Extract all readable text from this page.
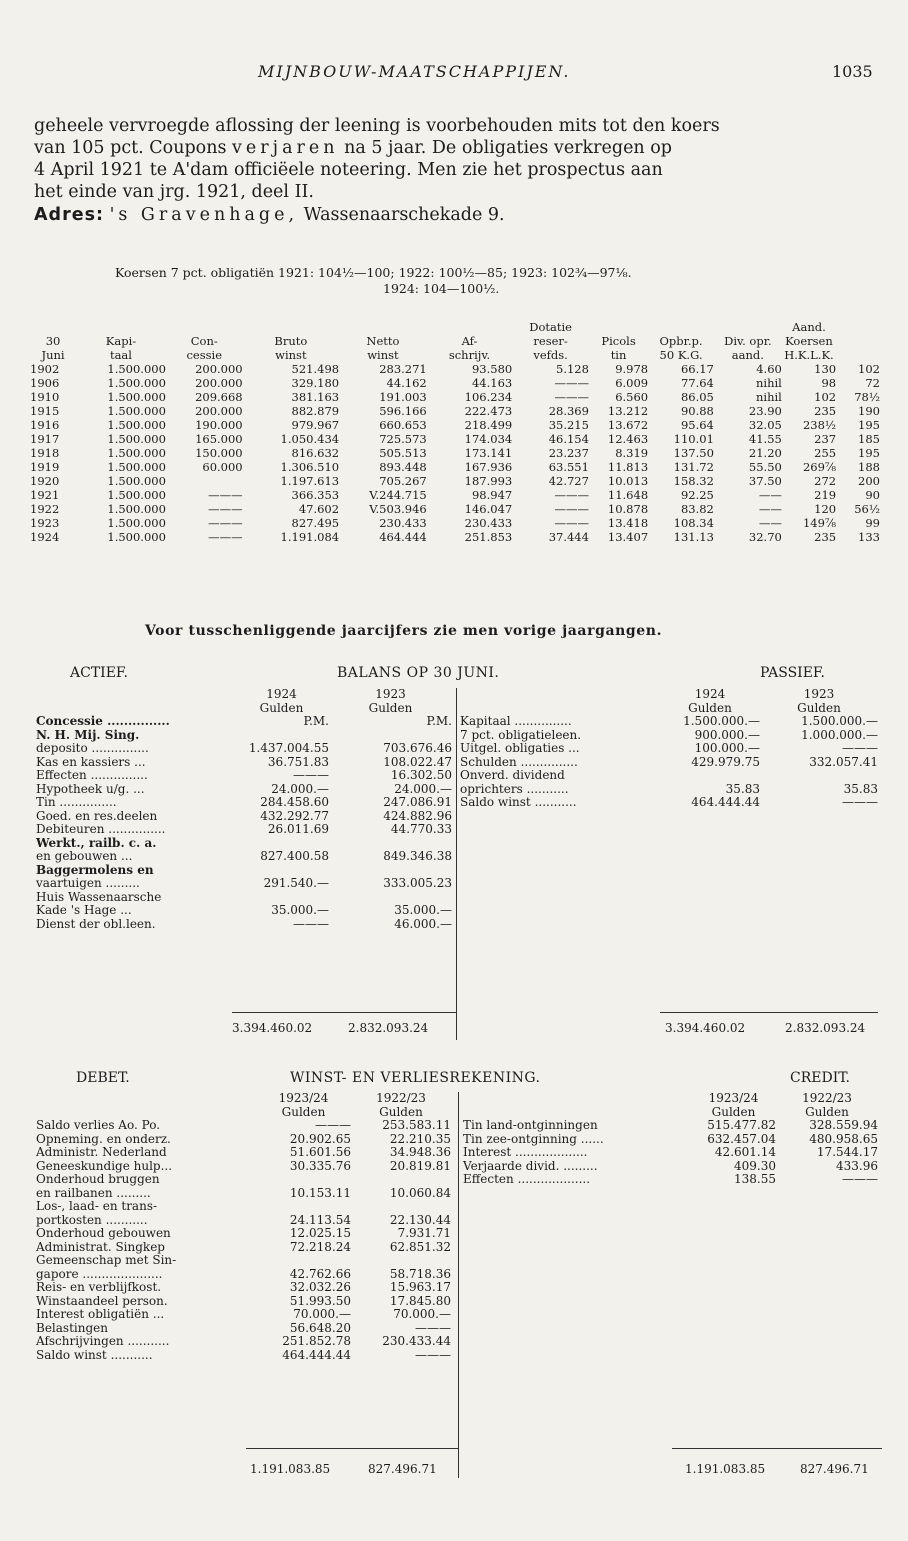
MIJNBOUW-MAATSCHAPPIJEN.	1035
geheele vervroegde aflossing der leening is voorbehouden mits tot den koers
van 105 pct. Coupons verjaren na 5 jaar. De obligaties verkregen op
4 April 1921 te A'dam officiëele noteering. Men zie het prospectus aan
het einde van jrg. 1921, deel II.
Adres: 's Gravenhage, Wassenaarschekade 9.
Koersen 7 pct. obligatiën 1921: 104½—100; 1922: 100½—85; 1923: 102¾—97⅛.
1924: 104—100½.
						Dotatie				Aand.	
30	Kapi-	Con-	Bruto	Netto	Af-	reser-	Picols	Opbr.p.	Div. opr.	Koersen	
Juni	taal	cessie	winst	winst	schrijv.	vefds.	tin	50 K.G.	aand.	H.K.L.K.	
1902	1.500.000	200.000	521.498	283.271	93.580	5.128	9.978	66.17	4.60	130	102
1906	1.500.000	200.000	329.180	44.162	44.163	———	6.009	77.64	nihil	98	72
1910	1.500.000	209.668	381.163	191.003	106.234	———	6.560	86.05	nihil	102	78½
1915	1.500.000	200.000	882.879	596.166	222.473	28.369	13.212	90.88	23.90	235	190
1916	1.500.000	190.000	979.967	660.653	218.499	35.215	13.672	95.64	32.05	238½	195
1917	1.500.000	165.000	1.050.434	725.573	174.034	46.154	12.463	110.01	41.55	237	185
1918	1.500.000	150.000	816.632	505.513	173.141	23.237	8.319	137.50	21.20	255	195
1919	1.500.000	60.000	1.306.510	893.448	167.936	63.551	11.813	131.72	55.50	269⅞	188
1920	1.500.000		1.197.613	705.267	187.993	42.727	10.013	158.32	37.50	272	200
1921	1.500.000	———	366.353	V.244.715	98.947	———	11.648	92.25	——	219	90
1922	1.500.000	———	47.602	V.503.946	146.047	———	10.878	83.82	——	120	56½
1923	1.500.000	———	827.495	230.433	230.433	———	13.418	108.34	——	149⅞	99
1924	1.500.000	———	1.191.084	464.444	251.853	37.444	13.407	131.13	32.70	235	133
Voor tusschenliggende jaarcijfers zie men vorige jaargangen.
ACTIEF.	BALANS OP 30 JUNI.	PASSIEF.
	1924	1923
	Gulden	Gulden
Concessie ...............	P.M.	P.M.
N. H. Mij. Sing.		
deposito ...............	1.437.004.55	703.676.46
Kas en kassiers ...	36.751.83	108.022.47
Effecten ...............	———	16.302.50
Hypotheek u/g. ...	24.000.—	24.000.—
Tin ...............	284.458.60	247.086.91
Goed. en res.deelen	432.292.77	424.882.96
Debiteuren ...............	26.011.69	44.770.33
Werkt., railb. c. a.		
en gebouwen ...	827.400.58	849.346.38
Baggermolens en		
vaartuigen .........	291.540.—	333.005.23
Huis Wassenaarsche		
Kade 's Hage ...	35.000.—	35.000.—
Dienst der obl.leen.	———	46.000.—
	1924	1923
	Gulden	Gulden
Kapitaal ...............	1.500.000.—	1.500.000.—
7 pct. obligatieleen.	900.000.—	1.000.000.—
Uitgel. obligaties ...	100.000.—	———
Schulden ...............	429.979.75	332.057.41
Onverd. dividend		
oprichters ...........	35.83	35.83
Saldo winst ...........	464.444.44	———
3.394.460.02	2.832.093.24	3.394.460.02	2.832.093.24
DEBET.	WINST- EN VERLIESREKENING.	CREDIT.
	1923/24	1922/23
	Gulden	Gulden
Saldo verlies Ao. Po.	———	253.583.11
Opneming. en onderz.	20.902.65	22.210.35
Administr. Nederland	51.601.56	34.948.36
Geneeskundige hulp...	30.335.76	20.819.81
Onderhoud bruggen		
en railbanen .........	10.153.11	10.060.84
Los-, laad- en trans-		
portkosten ...........	24.113.54	22.130.44
Onderhoud gebouwen	12.025.15	7.931.71
Administrat. Singkep	72.218.24	62.851.32
Gemeenschap met Sin-		
gapore .....................	42.762.66	58.718.36
Reis- en verblijfkost.	32.032.26	15.963.17
Winstaandeel person.	51.993.50	17.845.80
Interest obligatiën ...	70.000.—	70.000.—
Belastingen	56.648.20	———
Afschrijvingen ...........	251.852.78	230.433.44
Saldo winst ...........	464.444.44	———
	1923/24	1922/23
	Gulden	Gulden
Tin land-ontginningen	515.477.82	328.559.94
Tin zee-ontginning ......	632.457.04	480.958.65
Interest ...................	42.601.14	17.544.17
Verjaarde divid. .........	409.30	433.96
Effecten ...................	138.55	———
1.191.083.85	827.496.71	1.191.083.85	827.496.71
